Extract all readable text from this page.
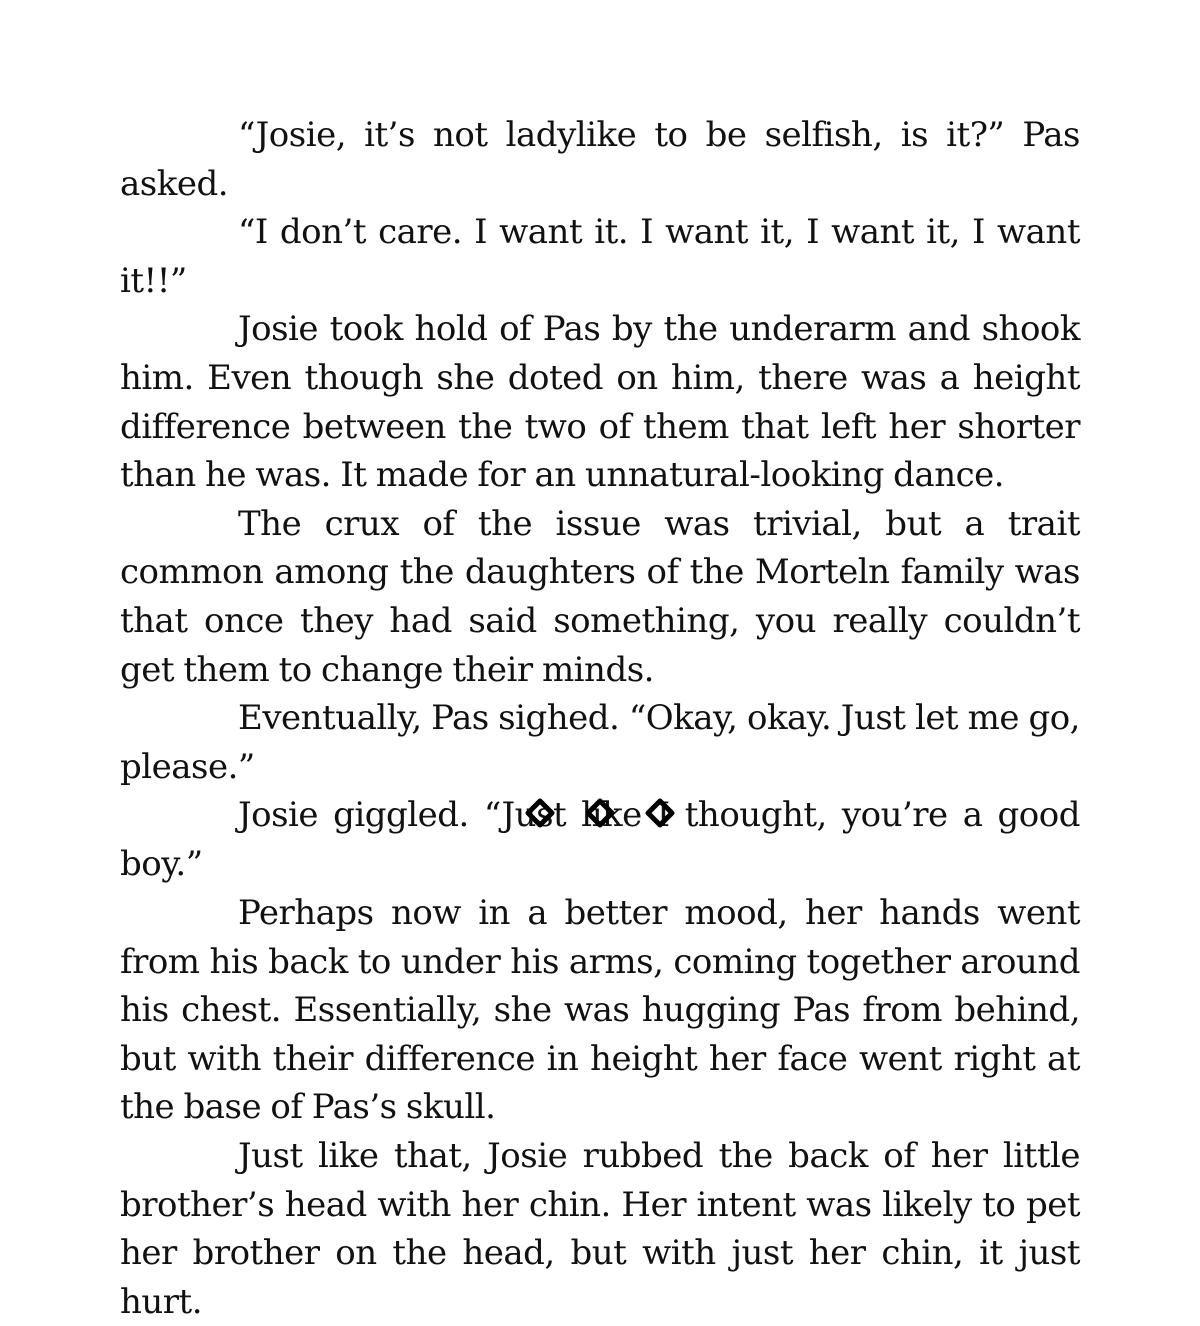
“Josie, it’s not ladylike to be selfish, is it?” Pas asked.

“I don’t care. I want it. I want it, I want it, I want it!!”

Josie took hold of Pas by the underarm and shook him. Even though she doted on him, there was a height difference between the two of them that left her shorter than he was. It made for an unnatural-looking dance.

The crux of the issue was trivial, but a trait common among the daughters of the Morteln family was that once they had said something, you really couldn’t get them to change their minds.

Eventually, Pas sighed. “Okay, okay. Just let me go, please.”

Josie giggled. “Just like I thought, you’re a good boy.”

Perhaps now in a better mood, her hands went from his back to under his arms, coming together around his chest. Essentially, she was hugging Pas from behind, but with their difference in height her face went right at the base of Pas’s skull.

Just like that, Josie rubbed the back of her little brother’s head with her chin. Her intent was likely to pet her brother on the head, but with just her chin, it just hurt.
